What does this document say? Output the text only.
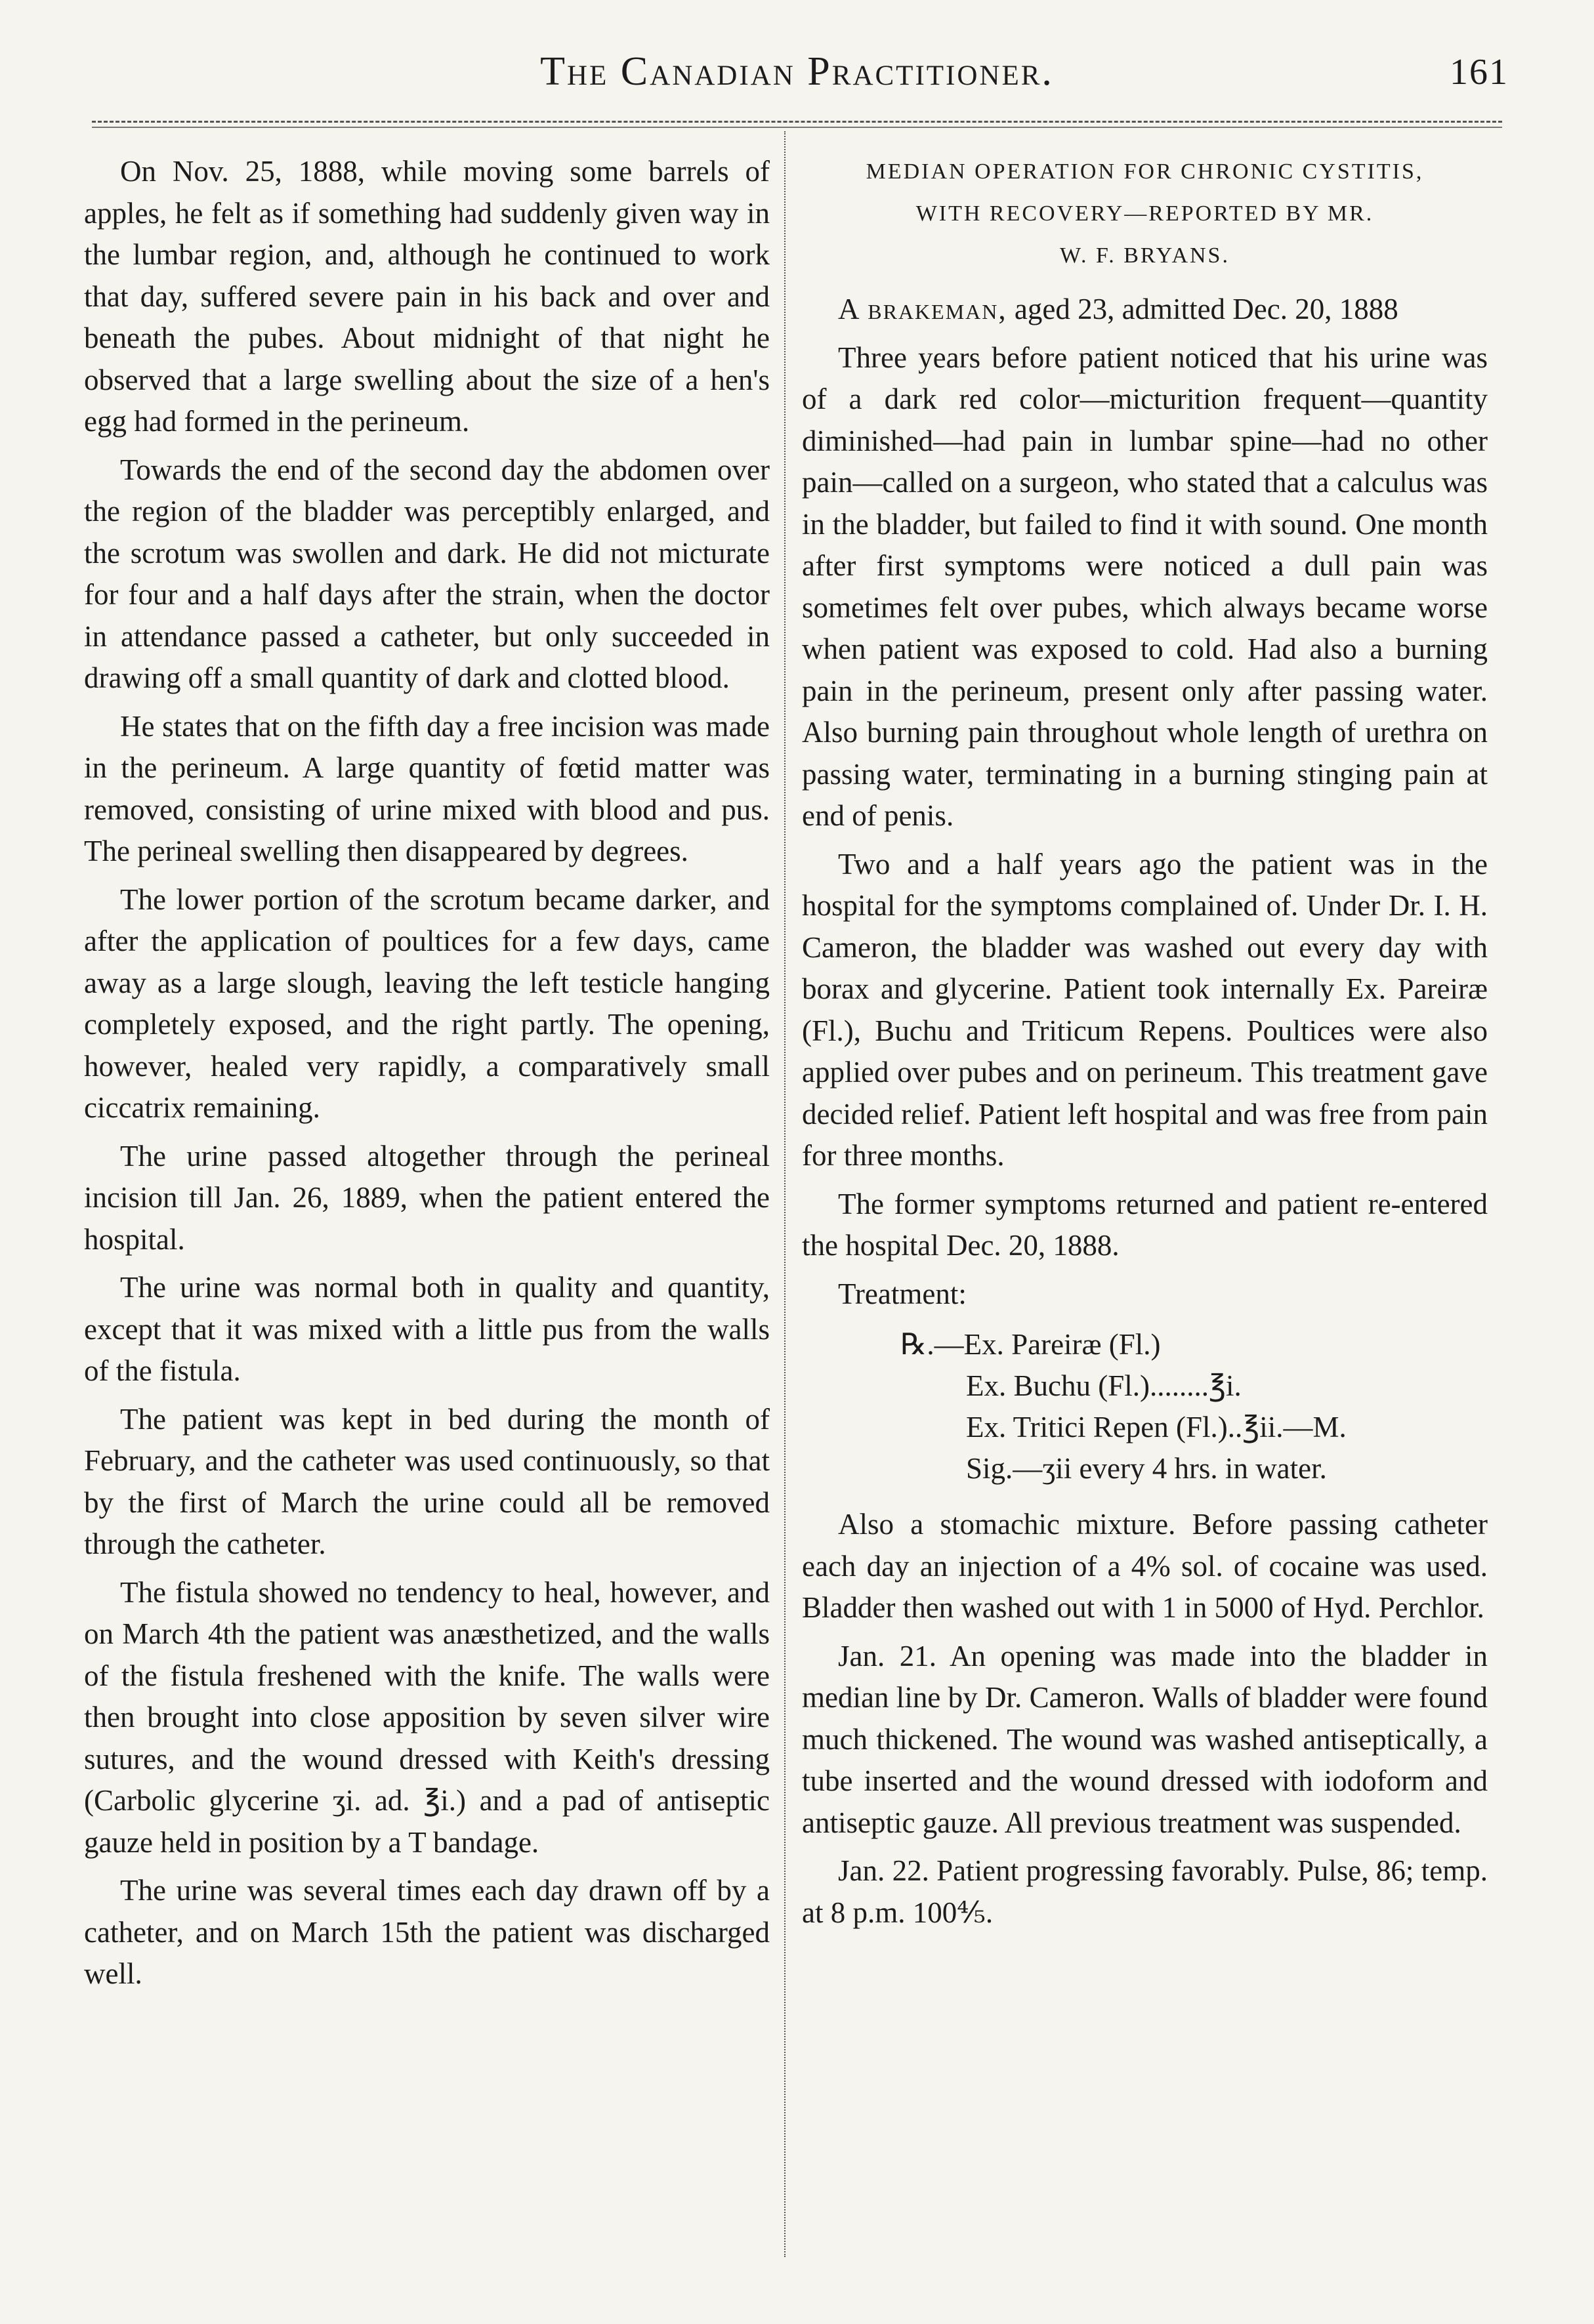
The Canadian Practitioner.	161

On Nov. 25, 1888, while moving some barrels of apples, he felt as if something had suddenly given way in the lumbar region, and, although he continued to work that day, suffered severe pain in his back and over and beneath the pubes. About midnight of that night he observed that a large swelling about the size of a hen's egg had formed in the perineum.

Towards the end of the second day the abdomen over the region of the bladder was perceptibly enlarged, and the scrotum was swollen and dark. He did not micturate for four and a half days after the strain, when the doctor in attendance passed a catheter, but only succeeded in drawing off a small quantity of dark and clotted blood.

He states that on the fifth day a free incision was made in the perineum. A large quantity of fœtid matter was removed, consisting of urine mixed with blood and pus. The perineal swelling then disappeared by degrees.

The lower portion of the scrotum became darker, and after the application of poultices for a few days, came away as a large slough, leaving the left testicle hanging completely exposed, and the right partly. The opening, however, healed very rapidly, a comparatively small ciccatrix remaining.

The urine passed altogether through the perineal incision till Jan. 26, 1889, when the patient entered the hospital.

The urine was normal both in quality and quantity, except that it was mixed with a little pus from the walls of the fistula.

The patient was kept in bed during the month of February, and the catheter was used continuously, so that by the first of March the urine could all be removed through the catheter.

The fistula showed no tendency to heal, however, and on March 4th the patient was anæsthetized, and the walls of the fistula freshened with the knife. The walls were then brought into close apposition by seven silver wire sutures, and the wound dressed with Keith's dressing (Carbolic glycerine ʒi. ad. ℥i.) and a pad of antiseptic gauze held in position by a T bandage.

The urine was several times each day drawn off by a catheter, and on March 15th the patient was discharged well.

MEDIAN OPERATION FOR CHRONIC CYSTITIS,
WITH RECOVERY—REPORTED BY MR.
W. F. BRYANS.

A brakeman, aged 23, admitted Dec. 20, 1888

Three years before patient noticed that his urine was of a dark red color—micturition frequent—quantity diminished—had pain in lumbar spine—had no other pain—called on a surgeon, who stated that a calculus was in the bladder, but failed to find it with sound. One month after first symptoms were noticed a dull pain was sometimes felt over pubes, which always became worse when patient was exposed to cold. Had also a burning pain in the perineum, present only after passing water. Also burning pain throughout whole length of urethra on passing water, terminating in a burning stinging pain at end of penis.

Two and a half years ago the patient was in the hospital for the symptoms complained of. Under Dr. I. H. Cameron, the bladder was washed out every day with borax and glycerine. Patient took internally Ex. Pareiræ (Fl.), Buchu and Triticum Repens. Poultices were also applied over pubes and on perineum. This treatment gave decided relief. Patient left hospital and was free from pain for three months.

The former symptoms returned and patient re-entered the hospital Dec. 20, 1888.

Treatment:

℞.—Ex. Pareiræ (Fl.)
Ex. Buchu (Fl.)........℥i.
Ex. Tritici Repen (Fl.)..℥ii.—M.
Sig.—ʒii every 4 hrs. in water.

Also a stomachic mixture. Before passing catheter each day an injection of a 4% sol. of cocaine was used. Bladder then washed out with 1 in 5000 of Hyd. Perchlor.

Jan. 21. An opening was made into the bladder in median line by Dr. Cameron. Walls of bladder were found much thickened. The wound was washed antiseptically, a tube inserted and the wound dressed with iodoform and antiseptic gauze. All previous treatment was suspended.

Jan. 22. Patient progressing favorably. Pulse, 86; temp. at 8 p.m. 100⅘.
